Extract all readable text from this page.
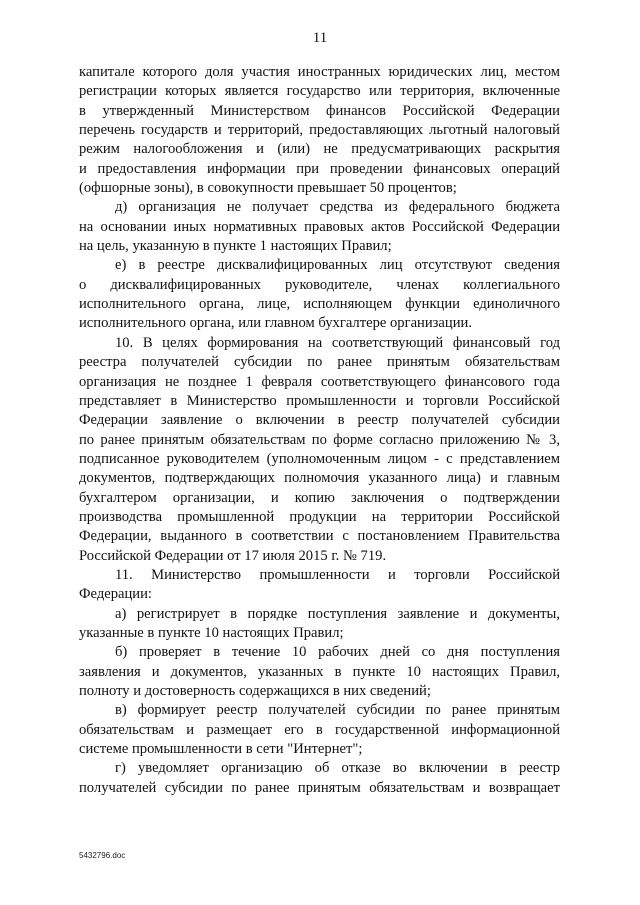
11
капитале которого доля участия иностранных юридических лиц, местом
регистрации которых является государство или территория, включенные
в утвержденный Министерством финансов Российской Федерации
перечень государств и территорий, предоставляющих льготный налоговый
режим налогообложения и (или) не предусматривающих раскрытия
и предоставления информации при проведении финансовых операций
(офшорные зоны), в совокупности превышает 50 процентов;
д) организация не получает средства из федерального бюджета
на основании иных нормативных правовых актов Российской Федерации
на цель, указанную в пункте 1 настоящих Правил;
е) в реестре дисквалифицированных лиц отсутствуют сведения
о дисквалифицированных руководителе, членах коллегиального
исполнительного органа, лице, исполняющем функции единоличного
исполнительного органа, или главном бухгалтере организации.
10. В целях формирования на соответствующий финансовый год
реестра получателей субсидии по ранее принятым обязательствам
организация не позднее 1 февраля соответствующего финансового года
представляет в Министерство промышленности и торговли Российской
Федерации заявление о включении в реестр получателей субсидии
по ранее принятым обязательствам по форме согласно приложению № 3,
подписанное руководителем (уполномоченным лицом - с представлением
документов, подтверждающих полномочия указанного лица) и главным
бухгалтером организации, и копию заключения о подтверждении
производства промышленной продукции на территории Российской
Федерации, выданного в соответствии с постановлением Правительства
Российской Федерации от 17 июля 2015 г. № 719.
11. Министерство промышленности и торговли Российской
Федерации:
а) регистрирует в порядке поступления заявление и документы,
указанные в пункте 10 настоящих Правил;
б) проверяет в течение 10 рабочих дней со дня поступления
заявления и документов, указанных в пункте 10 настоящих Правил,
полноту и достоверность содержащихся в них сведений;
в) формирует реестр получателей субсидии по ранее принятым
обязательствам и размещает его в государственной информационной
системе промышленности в сети "Интернет";
г) уведомляет организацию об отказе во включении в реестр
получателей субсидии по ранее принятым обязательствам и возвращает
5432796.doc
